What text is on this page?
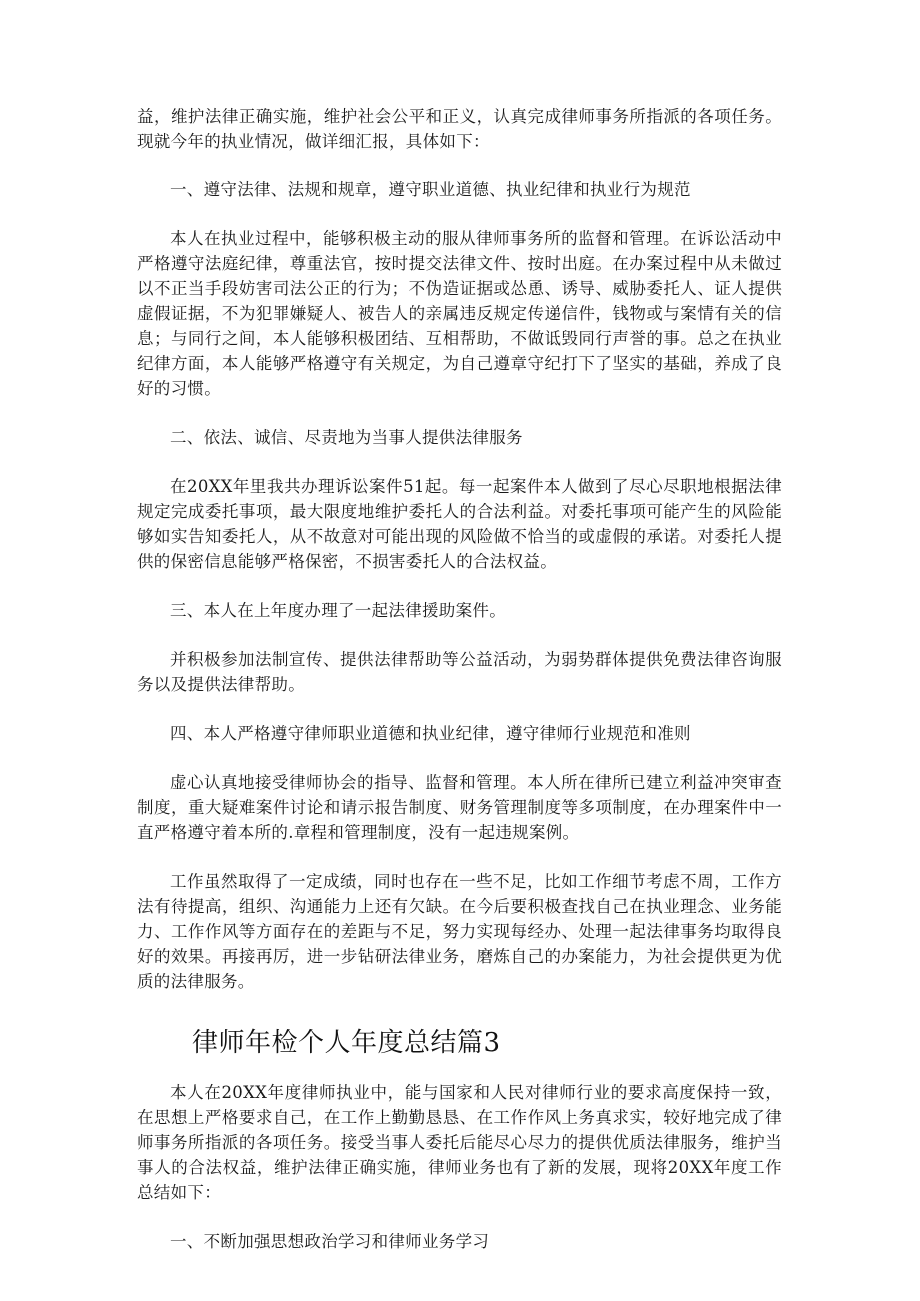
益，维护法律正确实施，维护社会公平和正义，认真完成律师事务所指派的各项任务。现就今年的执业情况，做详细汇报，具体如下：

一、遵守法律、法规和规章，遵守职业道德、执业纪律和执业行为规范

本人在执业过程中，能够积极主动的服从律师事务所的监督和管理。在诉讼活动中严格遵守法庭纪律，尊重法官，按时提交法律文件、按时出庭。在办案过程中从未做过以不正当手段妨害司法公正的行为；不伪造证据或怂恿、诱导、威胁委托人、证人提供虚假证据，不为犯罪嫌疑人、被告人的亲属违反规定传递信件，钱物或与案情有关的信息；与同行之间，本人能够积极团结、互相帮助，不做诋毁同行声誉的事。总之在执业纪律方面，本人能够严格遵守有关规定，为自己遵章守纪打下了坚实的基础，养成了良好的习惯。

二、依法、诚信、尽责地为当事人提供法律服务

在20XX年里我共办理诉讼案件51起。每一起案件本人做到了尽心尽职地根据法律规定完成委托事项，最大限度地维护委托人的合法利益。对委托事项可能产生的风险能够如实告知委托人，从不故意对可能出现的风险做不恰当的或虚假的承诺。对委托人提供的保密信息能够严格保密，不损害委托人的合法权益。

三、本人在上年度办理了一起法律援助案件。

并积极参加法制宣传、提供法律帮助等公益活动，为弱势群体提供免费法律咨询服务以及提供法律帮助。

四、本人严格遵守律师职业道德和执业纪律，遵守律师行业规范和准则

虚心认真地接受律师协会的指导、监督和管理。本人所在律所已建立利益冲突审查制度，重大疑难案件讨论和请示报告制度、财务管理制度等多项制度，在办理案件中一直严格遵守着本所的.章程和管理制度，没有一起违规案例。

工作虽然取得了一定成绩，同时也存在一些不足，比如工作细节考虑不周，工作方法有待提高，组织、沟通能力上还有欠缺。在今后要积极查找自己在执业理念、业务能力、工作作风等方面存在的差距与不足，努力实现每经办、处理一起法律事务均取得良好的效果。再接再厉，进一步钻研法律业务，磨炼自己的办案能力，为社会提供更为优质的法律服务。

律师年检个人年度总结篇3

本人在20XX年度律师执业中，能与国家和人民对律师行业的要求高度保持一致，在思想上严格要求自己，在工作上勤勤恳恳、在工作作风上务真求实，较好地完成了律师事务所指派的各项任务。接受当事人委托后能尽心尽力的提供优质法律服务，维护当事人的合法权益，维护法律正确实施，律师业务也有了新的发展，现将20XX年度工作总结如下：

一、不断加强思想政治学习和律师业务学习
